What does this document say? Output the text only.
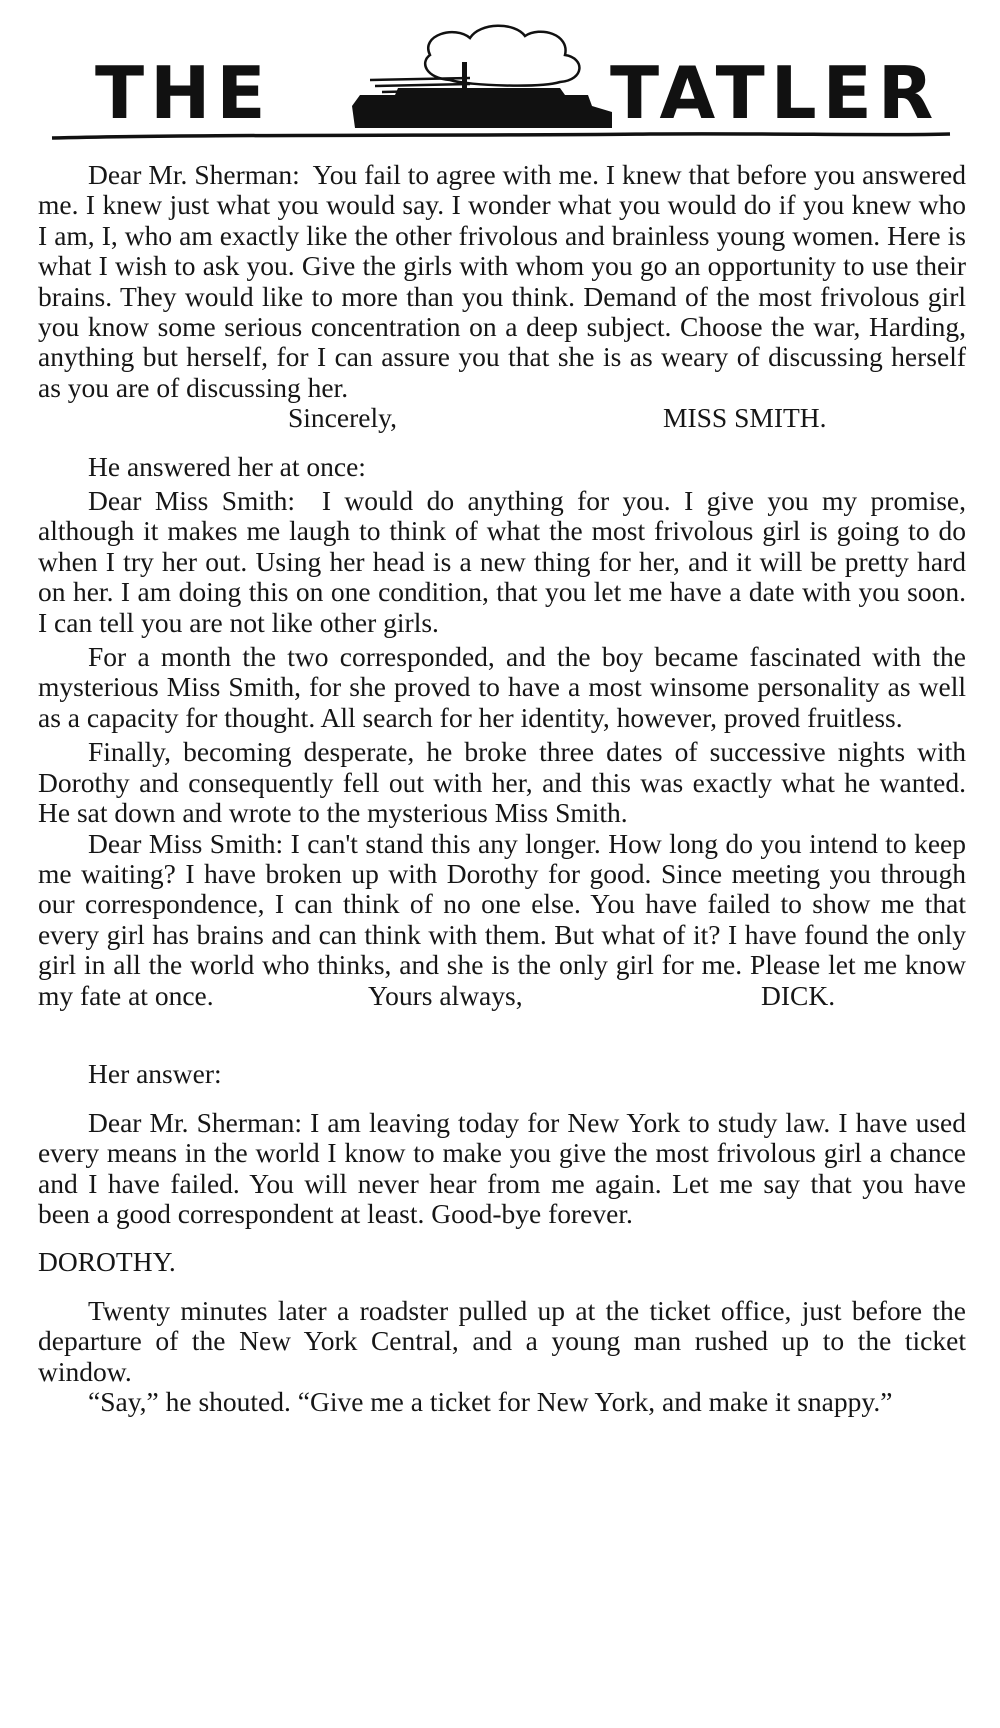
THE	TATLER

Dear Mr. Sherman: You fail to agree with me. I knew that before you answered me. I knew just what you would say. I wonder what you would do if you knew who I am, I, who am exactly like the other frivolous and brainless young women. Here is what I wish to ask you. Give the girls with whom you go an opportunity to use their brains. They would like to more than you think. Demand of the most frivolous girl you know some serious concentration on a deep subject. Choose the war, Harding, anything but herself, for I can assure you that she is as weary of discussing herself as you are of discussing her.

Sincerely,	MISS SMITH.

He answered her at once:

Dear Miss Smith: I would do anything for you. I give you my promise, although it makes me laugh to think of what the most frivolous girl is going to do when I try her out. Using her head is a new thing for her, and it will be pretty hard on her. I am doing this on one condition, that you let me have a date with you soon. I can tell you are not like other girls.

For a month the two corresponded, and the boy became fascinated with the mysterious Miss Smith, for she proved to have a most winsome personality as well as a capacity for thought. All search for her identity, however, proved fruitless.

Finally, becoming desperate, he broke three dates of successive nights with Dorothy and consequently fell out with her, and this was exactly what he wanted. He sat down and wrote to the mysterious Miss Smith.

Dear Miss Smith: I can't stand this any longer. How long do you intend to keep me waiting? I have broken up with Dorothy for good. Since meeting you through our correspondence, I can think of no one else. You have failed to show me that every girl has brains and can think with them. But what of it? I have found the only girl in all the world who thinks, and she is the only girl for me. Please let me know my fate at once.	Yours always,	DICK.

Her answer:

Dear Mr. Sherman: I am leaving today for New York to study law. I have used every means in the world I know to make you give the most frivolous girl a chance and I have failed. You will never hear from me again. Let me say that you have been a good correspondent at least. Good-bye forever.

DOROTHY.

Twenty minutes later a roadster pulled up at the ticket office, just before the departure of the New York Central, and a young man rushed up to the ticket window.

“Say,” he shouted. “Give me a ticket for New York, and make it snappy.”
